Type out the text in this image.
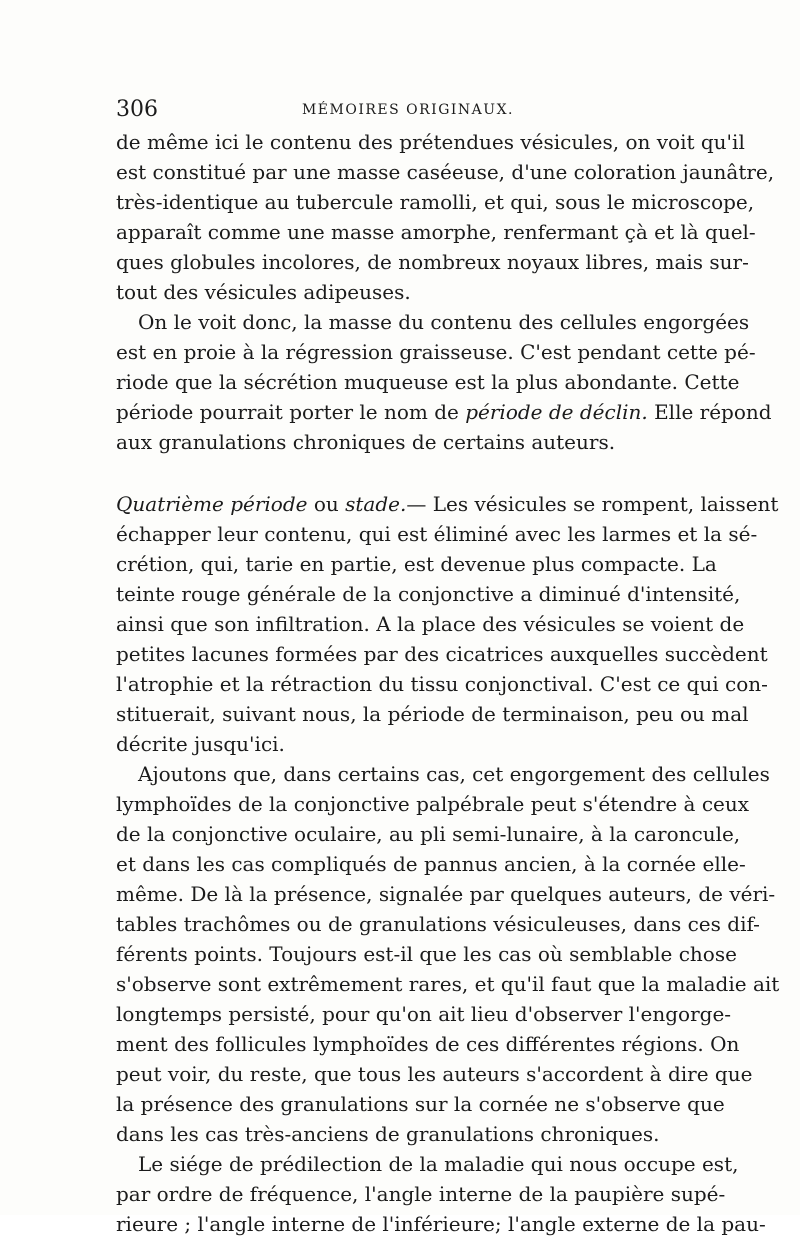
306	MÉMOIRES ORIGINAUX.
de même ici le contenu des prétendues vésicules, on voit qu'il
est constitué par une masse caséeuse, d'une coloration jaunâtre,
très-identique au tubercule ramolli, et qui, sous le microscope,
apparaît comme une masse amorphe, renfermant çà et là quel-
ques globules incolores, de nombreux noyaux libres, mais sur-
tout des vésicules adipeuses.
On le voit donc, la masse du contenu des cellules engorgées
est en proie à la régression graisseuse. C'est pendant cette pé-
riode que la sécrétion muqueuse est la plus abondante. Cette
période pourrait porter le nom de période de déclin. Elle répond
aux granulations chroniques de certains auteurs.
Quatrième période ou stade.— Les vésicules se rompent, laissent
échapper leur contenu, qui est éliminé avec les larmes et la sé-
crétion, qui, tarie en partie, est devenue plus compacte. La
teinte rouge générale de la conjonctive a diminué d'intensité,
ainsi que son infiltration. A la place des vésicules se voient de
petites lacunes formées par des cicatrices auxquelles succèdent
l'atrophie et la rétraction du tissu conjonctival. C'est ce qui con-
stituerait, suivant nous, la période de terminaison, peu ou mal
décrite jusqu'ici.
Ajoutons que, dans certains cas, cet engorgement des cellules
lymphoïdes de la conjonctive palpébrale peut s'étendre à ceux
de la conjonctive oculaire, au pli semi-lunaire, à la caroncule,
et dans les cas compliqués de pannus ancien, à la cornée elle-
même. De là la présence, signalée par quelques auteurs, de véri-
tables trachômes ou de granulations vésiculeuses, dans ces dif-
férents points. Toujours est-il que les cas où semblable chose
s'observe sont extrêmement rares, et qu'il faut que la maladie ait
longtemps persisté, pour qu'on ait lieu d'observer l'engorge-
ment des follicules lymphoïdes de ces différentes régions. On
peut voir, du reste, que tous les auteurs s'accordent à dire que
la présence des granulations sur la cornée ne s'observe que
dans les cas très-anciens de granulations chroniques.
Le siége de prédilection de la maladie qui nous occupe est,
par ordre de fréquence, l'angle interne de la paupière supé-
rieure ; l'angle interne de l'inférieure; l'angle externe de la pau-
